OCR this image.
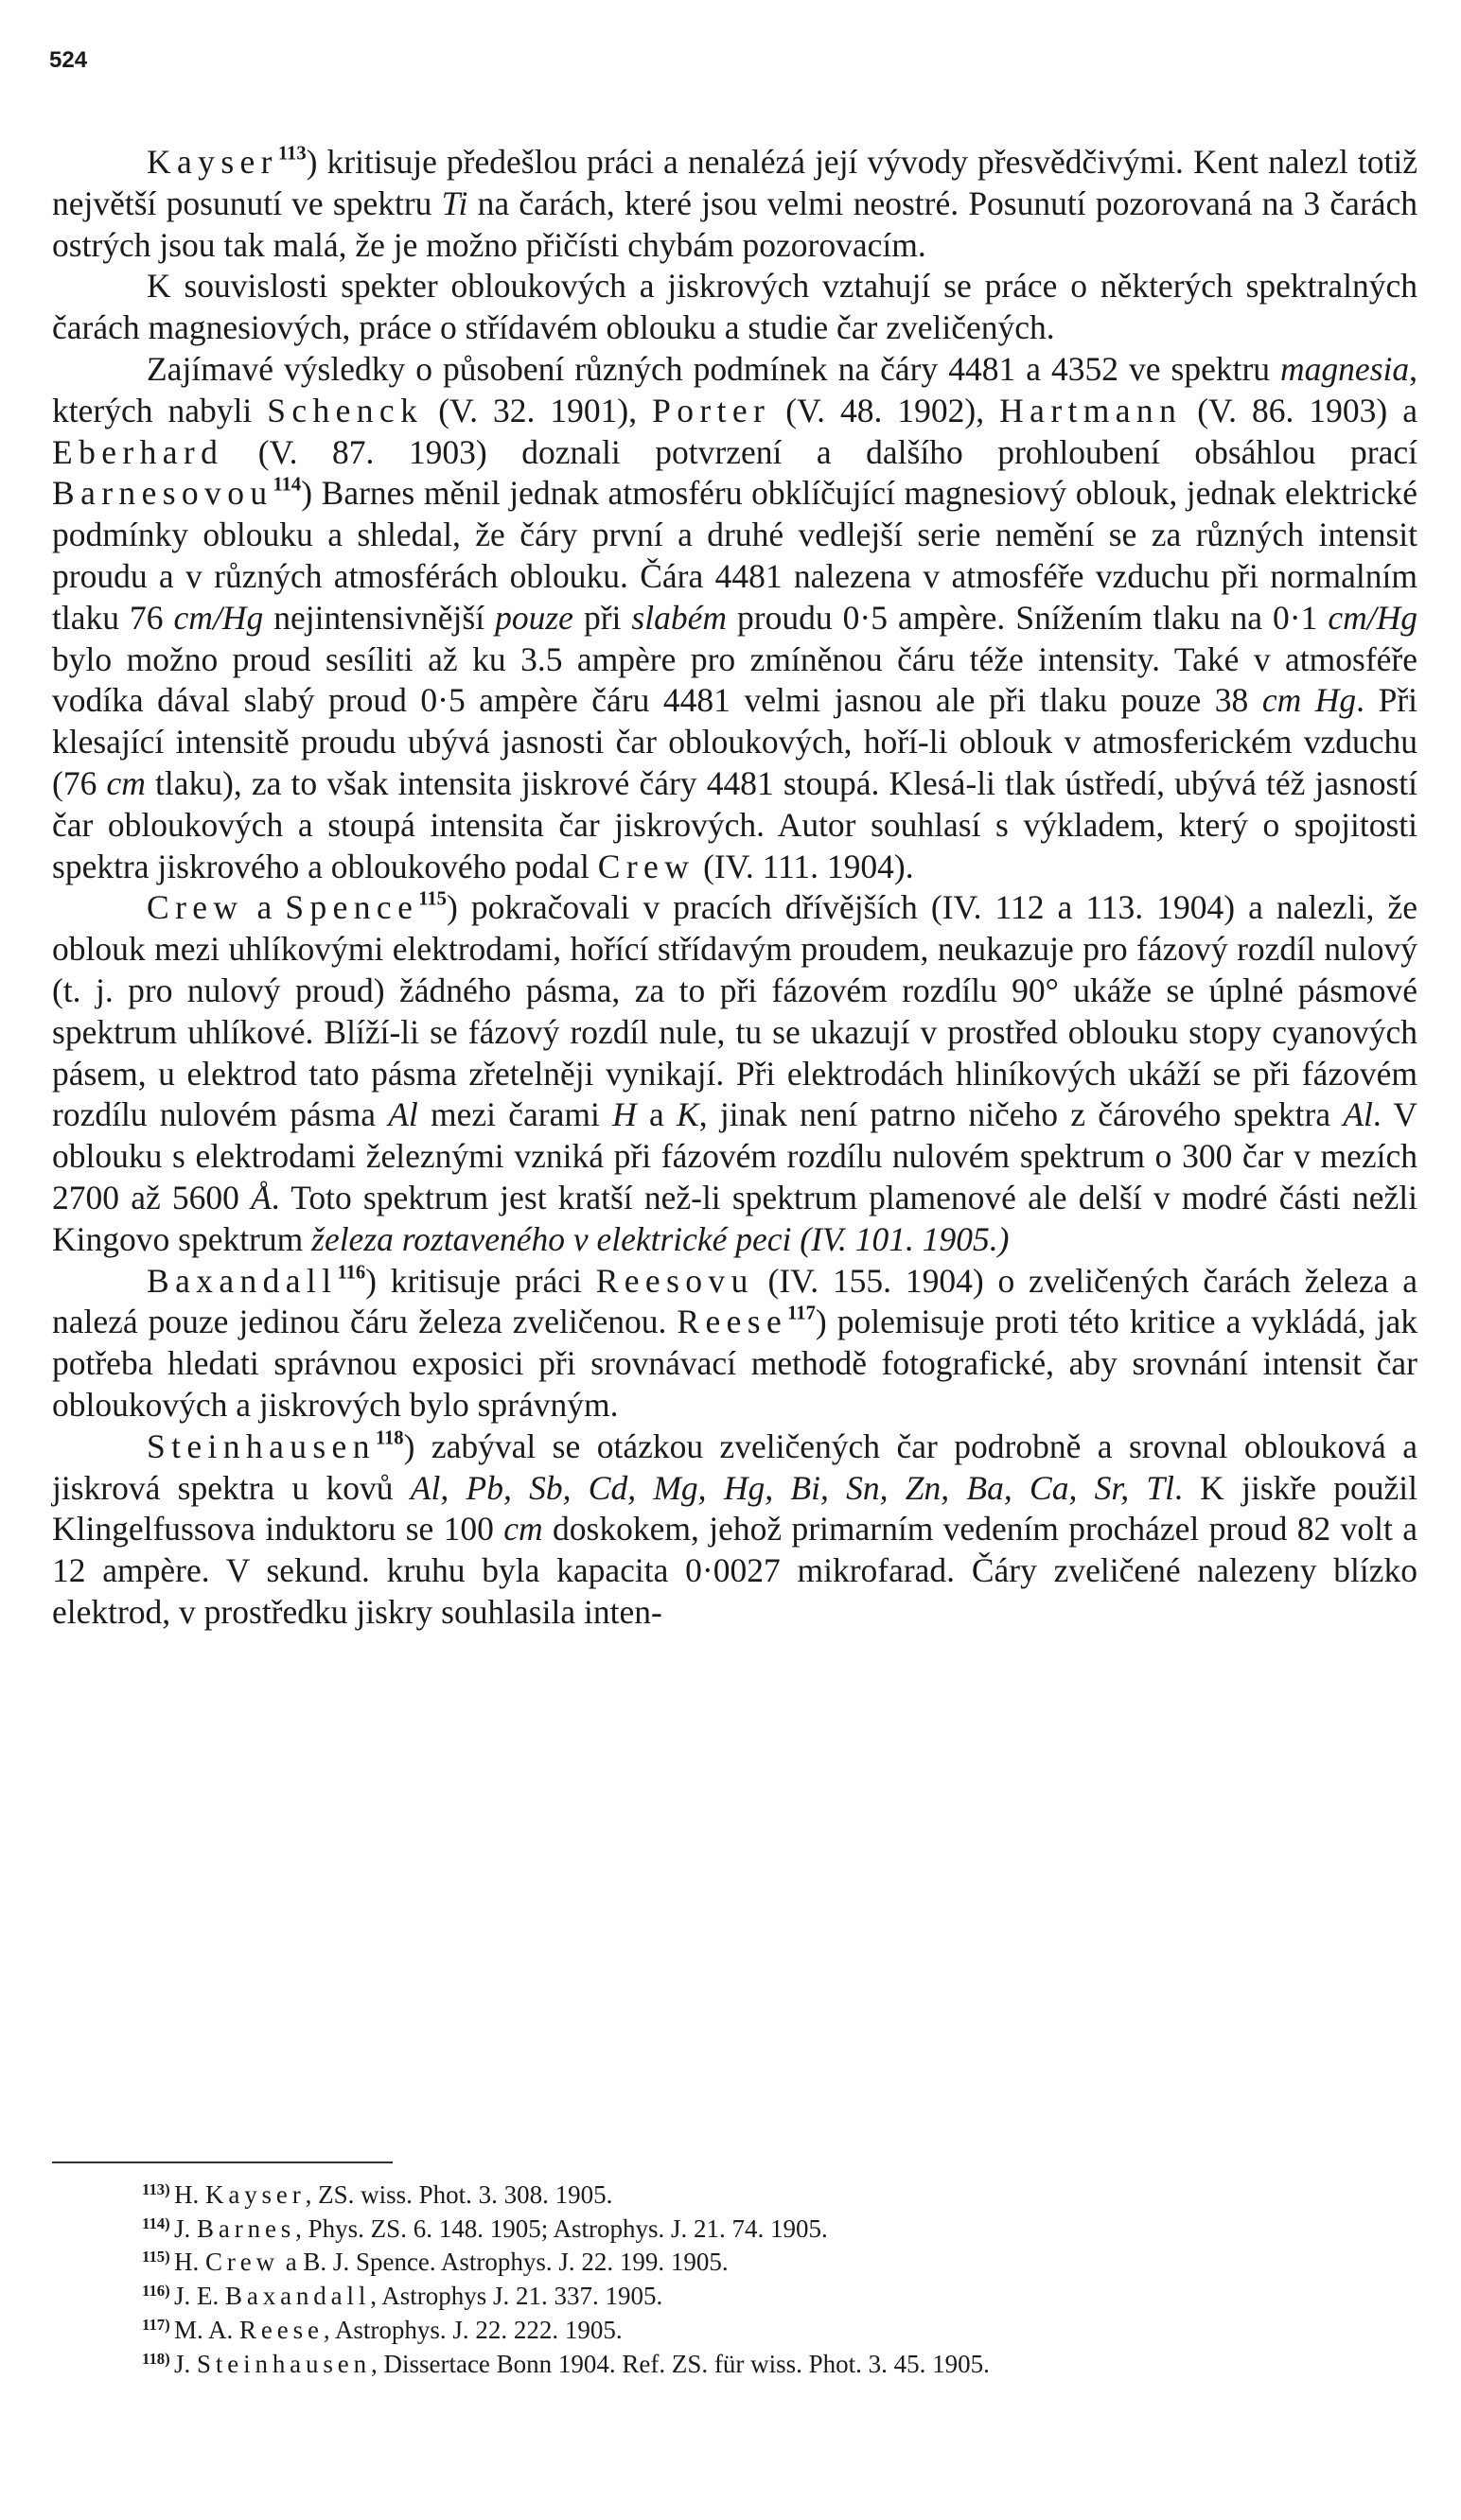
524

Kayser$^{113}$) kritisuje předešlou práci a nenalézá její vývody přesvědčivými. Kent nalezl totiž největší posunutí ve spektru Ti na čarách, které jsou velmi neostré. Posunutí pozorovaná na 3 čarách ostrých jsou tak malá, že je možno přičísti chybám pozorovacím.

K souvislosti spekter obloukových a jiskrových vztahují se práce o některých spektralných čarách magnesiových, práce o střídavém oblouku a studie čar zveličených.

Zajímavé výsledky o působení různých podmínek na čáry 4481 a 4352 ve spektru magnesia, kterých nabyli Schenck (V. 32. 1901), Porter (V. 48. 1902), Hartmann (V. 86. 1903) a Eberhard (V. 87. 1903) doznali potvrzení a dalšího prohloubení obsáhlou prací Barnesovou$^{114}$) Barnes měnil jednak atmosféru obklíčující magnesiový oblouk, jednak elektrické podmínky oblouku a shledal, že čáry první a druhé vedlejší serie nemění se za různých intensit proudu a v různých atmosférách oblouku. Čára 4481 nalezena v atmosféře vzduchu při normalním tlaku 76 cm/Hg nejintensivnější pouze při slabém proudu 0·5 ampère. Snížením tlaku na 0·1 cm/Hg bylo možno proud sesíliti až ku 3.5 ampère pro zmíněnou čáru téže intensity. Také v atmosféře vodíka dával slabý proud 0·5 ampère čáru 4481 velmi jasnou ale při tlaku pouze 38 cm Hg. Při klesající intensitě proudu ubývá jasnosti čar obloukových, hoří-li oblouk v atmosferickém vzduchu (76 cm tlaku), za to však intensita jiskrové čáry 4481 stoupá. Klesá-li tlak ústředí, ubývá též jasností čar obloukových a stoupá intensita čar jiskrových. Autor souhlasí s výkladem, který o spojitosti spektra jiskrového a obloukového podal Crew (IV. 111. 1904).

Crew a Spence$^{115}$) pokračovali v pracích dřívějších (IV. 112 a 113. 1904) a nalezli, že oblouk mezi uhlíkovými elektrodami, hořící střídavým proudem, neukazuje pro fázový rozdíl nulový (t. j. pro nulový proud) žádného pásma, za to při fázovém rozdílu 90° ukáže se úplné pásmové spektrum uhlíkové. Blíží-li se fázový rozdíl nule, tu se ukazují v prostřed oblouku stopy cyanových pásem, u elektrod tato pásma zřetelněji vynikají. Při elektrodách hliníkových ukáží se při fázovém rozdílu nulovém pásma Al mezi čarami H a K, jinak není patrno ničeho z čárového spektra Al. V oblouku s elektrodami železnými vzniká při fázovém rozdílu nulovém spektrum o 300 čar v mezích 2700 až 5600 Å. Toto spektrum jest kratší než-li spektrum plamenové ale delší v modré části nežli Kingovo spektrum železa roztaveného v elektrické peci (IV. 101. 1905.)

Baxandall$^{116}$) kritisuje práci Reesovu (IV. 155. 1904) o zveličených čarách železa a nalezá pouze jedinou čáru železa zveličenou. Reese$^{117}$) polemisuje proti této kritice a vykládá, jak potřeba hledati správnou exposici při srovnávací methodě fotografické, aby srovnání intensit čar obloukových a jiskrových bylo správným.

Steinhausen$^{118}$) zabýval se otázkou zveličených čar podrobně a srovnal oblouková a jiskrová spektra u kovů Al, Pb, Sb, Cd, Mg, Hg, Bi, Sn, Zn, Ba, Ca, Sr, Tl. K jiskře použil Klingelfussova induktoru se 100 cm doskokem, jehož primarním vedením procházel proud 82 volt a 12 ampère. V sekund. kruhu byla kapacita 0·0027 mikrofarad. Čáry zveličené nalezeny blízko elektrod, v prostředku jiskry souhlasila inten-

113) H. Kayser, ZS. wiss. Phot. 3. 308. 1905.
114) J. Barnes, Phys. ZS. 6. 148. 1905; Astrophys. J. 21. 74. 1905.
115) H. Crew a B. J. Spence. Astrophys. J. 22. 199. 1905.
116) J. E. Baxandall, Astrophys J. 21. 337. 1905.
117) M. A. Reese, Astrophys. J. 22. 222. 1905.
118) J. Steinhausen, Dissertace Bonn 1904. Ref. ZS. für wiss. Phot. 3. 45. 1905.
